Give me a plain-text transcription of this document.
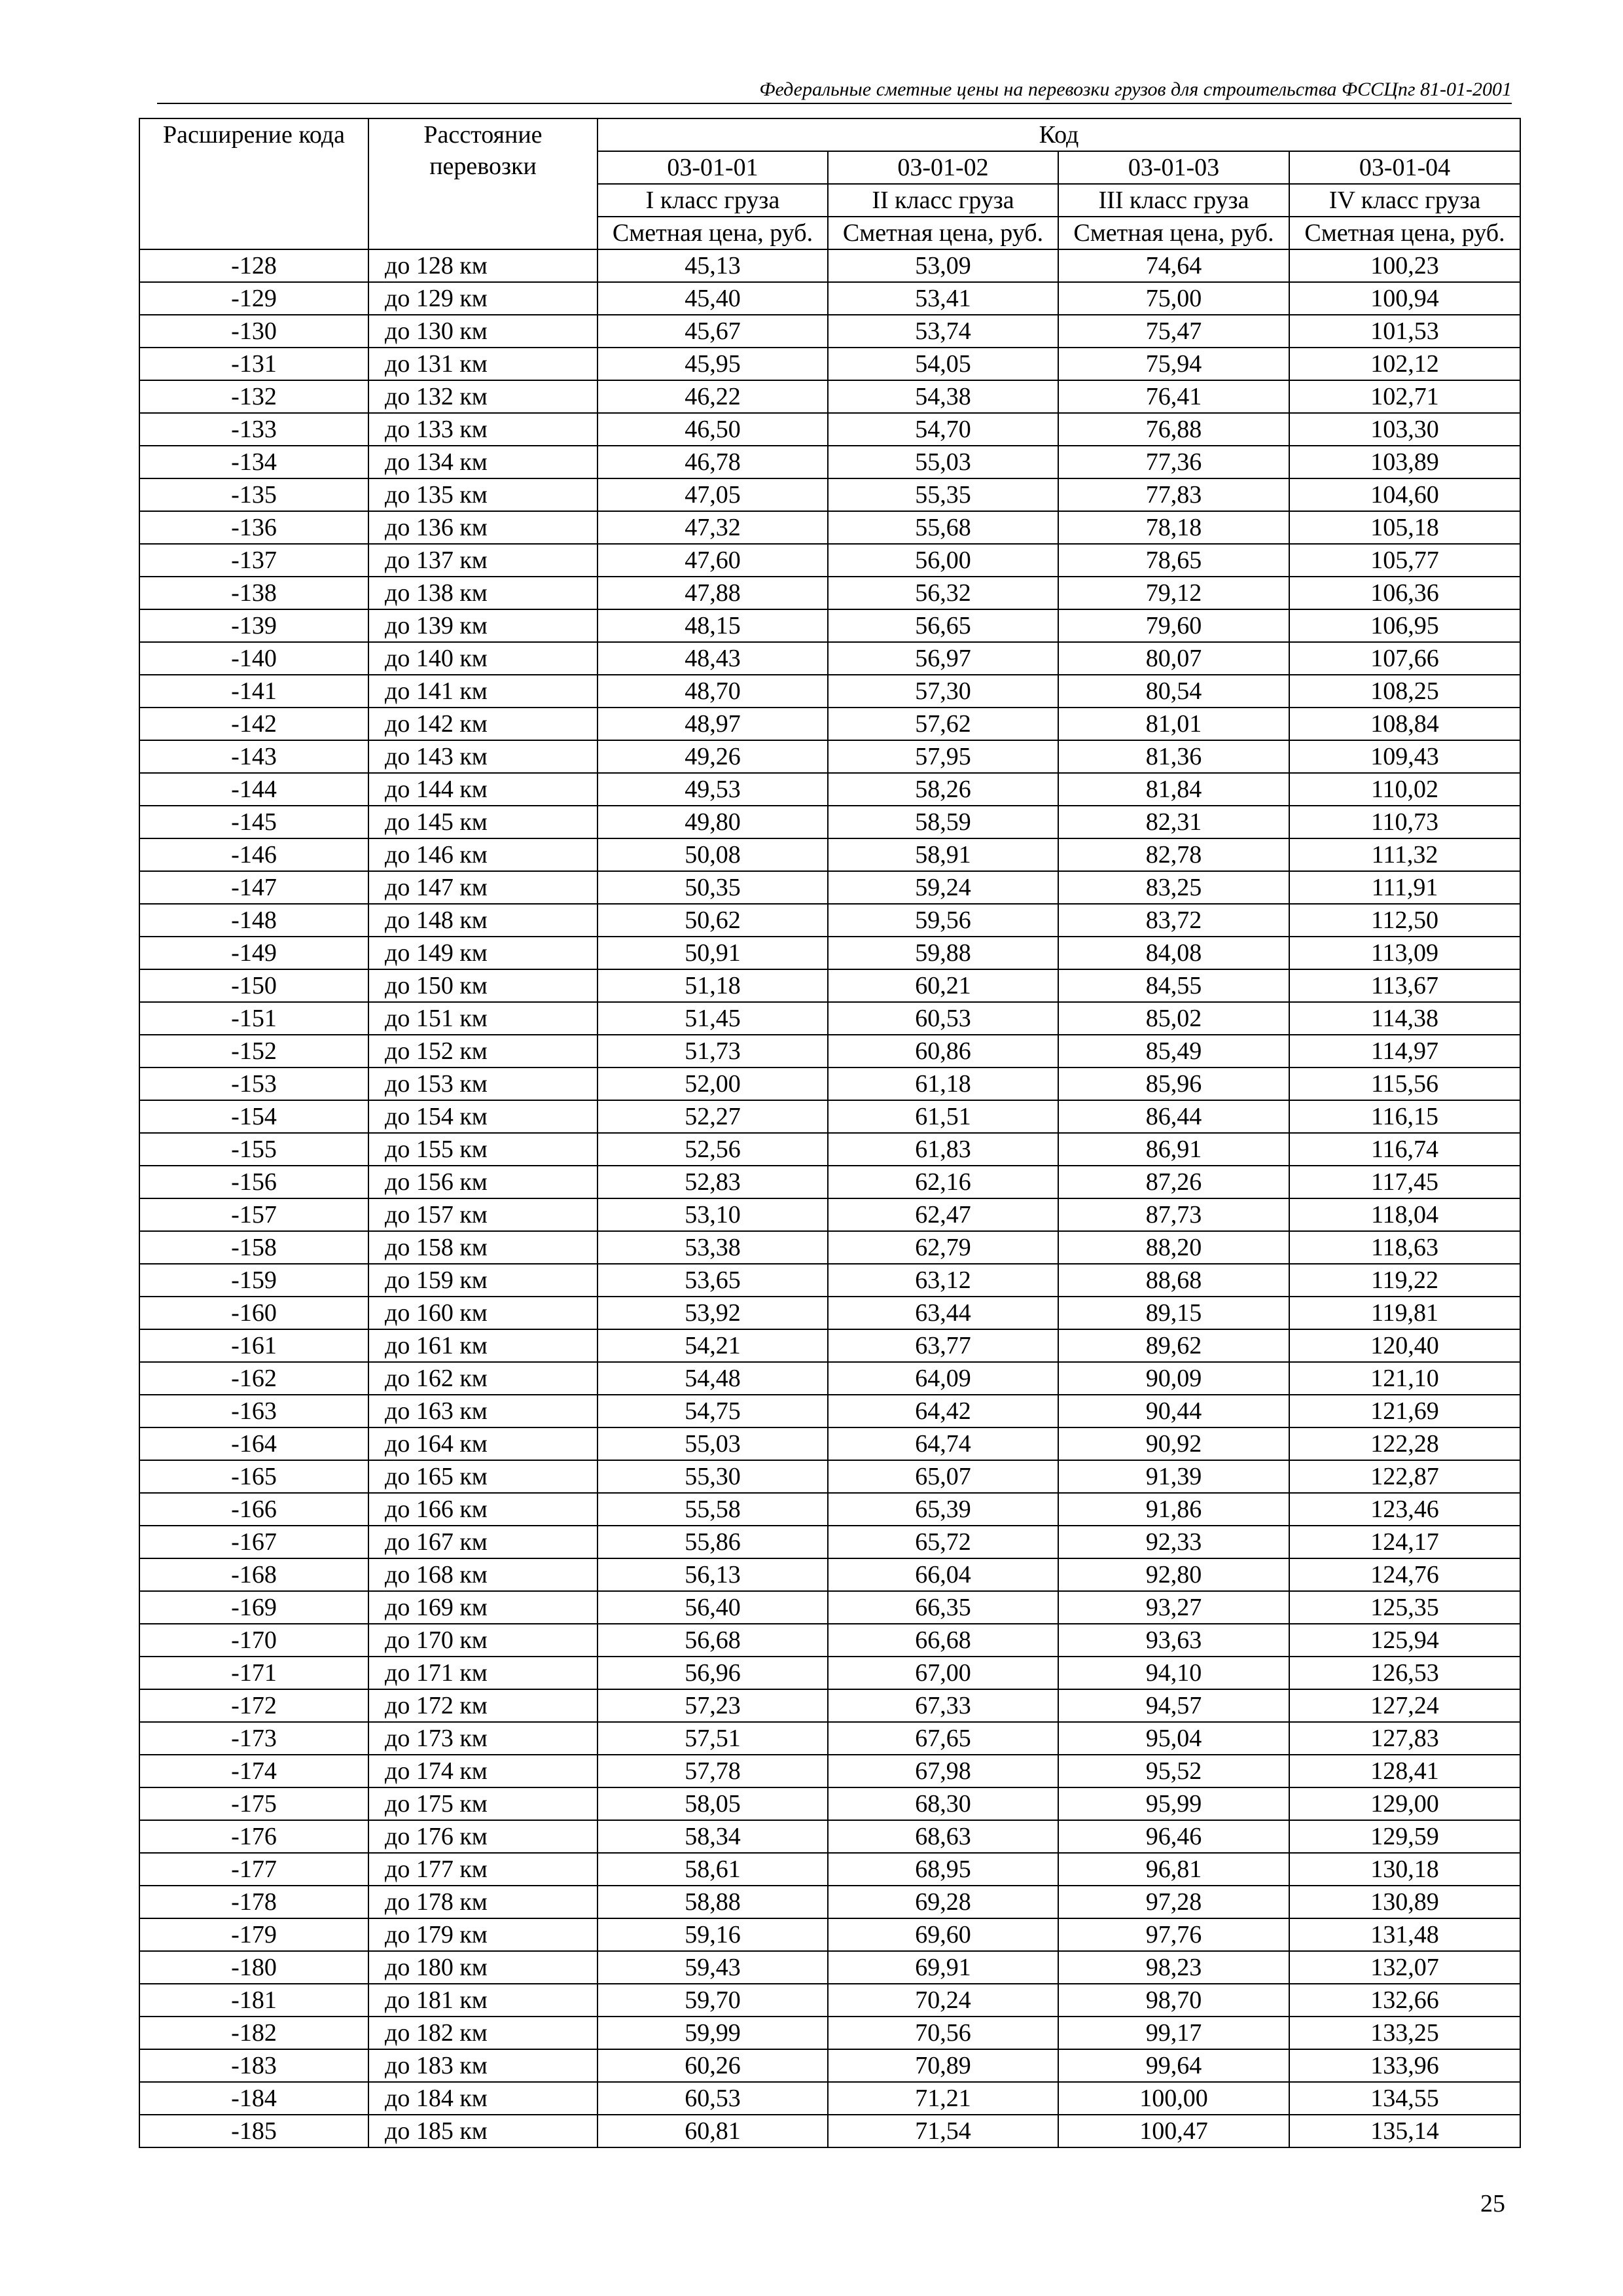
Федеральные сметные цены на перевозки грузов для строительства ФССЦпг 81-01-2001
Расширение кода	Расстояние перевозки	Код			
		03-01-01	03-01-02	03-01-03	03-01-04
		I класс груза	II класс груза	III класс груза	IV класс груза
		Сметная цена, руб.	Сметная цена, руб.	Сметная цена, руб.	Сметная цена, руб.
-128	до 128 км	45,13	53,09	74,64	100,23
-129	до 129 км	45,40	53,41	75,00	100,94
-130	до 130 км	45,67	53,74	75,47	101,53
-131	до 131 км	45,95	54,05	75,94	102,12
-132	до 132 км	46,22	54,38	76,41	102,71
-133	до 133 км	46,50	54,70	76,88	103,30
-134	до 134 км	46,78	55,03	77,36	103,89
-135	до 135 км	47,05	55,35	77,83	104,60
-136	до 136 км	47,32	55,68	78,18	105,18
-137	до 137 км	47,60	56,00	78,65	105,77
-138	до 138 км	47,88	56,32	79,12	106,36
-139	до 139 км	48,15	56,65	79,60	106,95
-140	до 140 км	48,43	56,97	80,07	107,66
-141	до 141 км	48,70	57,30	80,54	108,25
-142	до 142 км	48,97	57,62	81,01	108,84
-143	до 143 км	49,26	57,95	81,36	109,43
-144	до 144 км	49,53	58,26	81,84	110,02
-145	до 145 км	49,80	58,59	82,31	110,73
-146	до 146 км	50,08	58,91	82,78	111,32
-147	до 147 км	50,35	59,24	83,25	111,91
-148	до 148 км	50,62	59,56	83,72	112,50
-149	до 149 км	50,91	59,88	84,08	113,09
-150	до 150 км	51,18	60,21	84,55	113,67
-151	до 151 км	51,45	60,53	85,02	114,38
-152	до 152 км	51,73	60,86	85,49	114,97
-153	до 153 км	52,00	61,18	85,96	115,56
-154	до 154 км	52,27	61,51	86,44	116,15
-155	до 155 км	52,56	61,83	86,91	116,74
-156	до 156 км	52,83	62,16	87,26	117,45
-157	до 157 км	53,10	62,47	87,73	118,04
-158	до 158 км	53,38	62,79	88,20	118,63
-159	до 159 км	53,65	63,12	88,68	119,22
-160	до 160 км	53,92	63,44	89,15	119,81
-161	до 161 км	54,21	63,77	89,62	120,40
-162	до 162 км	54,48	64,09	90,09	121,10
-163	до 163 км	54,75	64,42	90,44	121,69
-164	до 164 км	55,03	64,74	90,92	122,28
-165	до 165 км	55,30	65,07	91,39	122,87
-166	до 166 км	55,58	65,39	91,86	123,46
-167	до 167 км	55,86	65,72	92,33	124,17
-168	до 168 км	56,13	66,04	92,80	124,76
-169	до 169 км	56,40	66,35	93,27	125,35
-170	до 170 км	56,68	66,68	93,63	125,94
-171	до 171 км	56,96	67,00	94,10	126,53
-172	до 172 км	57,23	67,33	94,57	127,24
-173	до 173 км	57,51	67,65	95,04	127,83
-174	до 174 км	57,78	67,98	95,52	128,41
-175	до 175 км	58,05	68,30	95,99	129,00
-176	до 176 км	58,34	68,63	96,46	129,59
-177	до 177 км	58,61	68,95	96,81	130,18
-178	до 178 км	58,88	69,28	97,28	130,89
-179	до 179 км	59,16	69,60	97,76	131,48
-180	до 180 км	59,43	69,91	98,23	132,07
-181	до 181 км	59,70	70,24	98,70	132,66
-182	до 182 км	59,99	70,56	99,17	133,25
-183	до 183 км	60,26	70,89	99,64	133,96
-184	до 184 км	60,53	71,21	100,00	134,55
-185	до 185 км	60,81	71,54	100,47	135,14
25
